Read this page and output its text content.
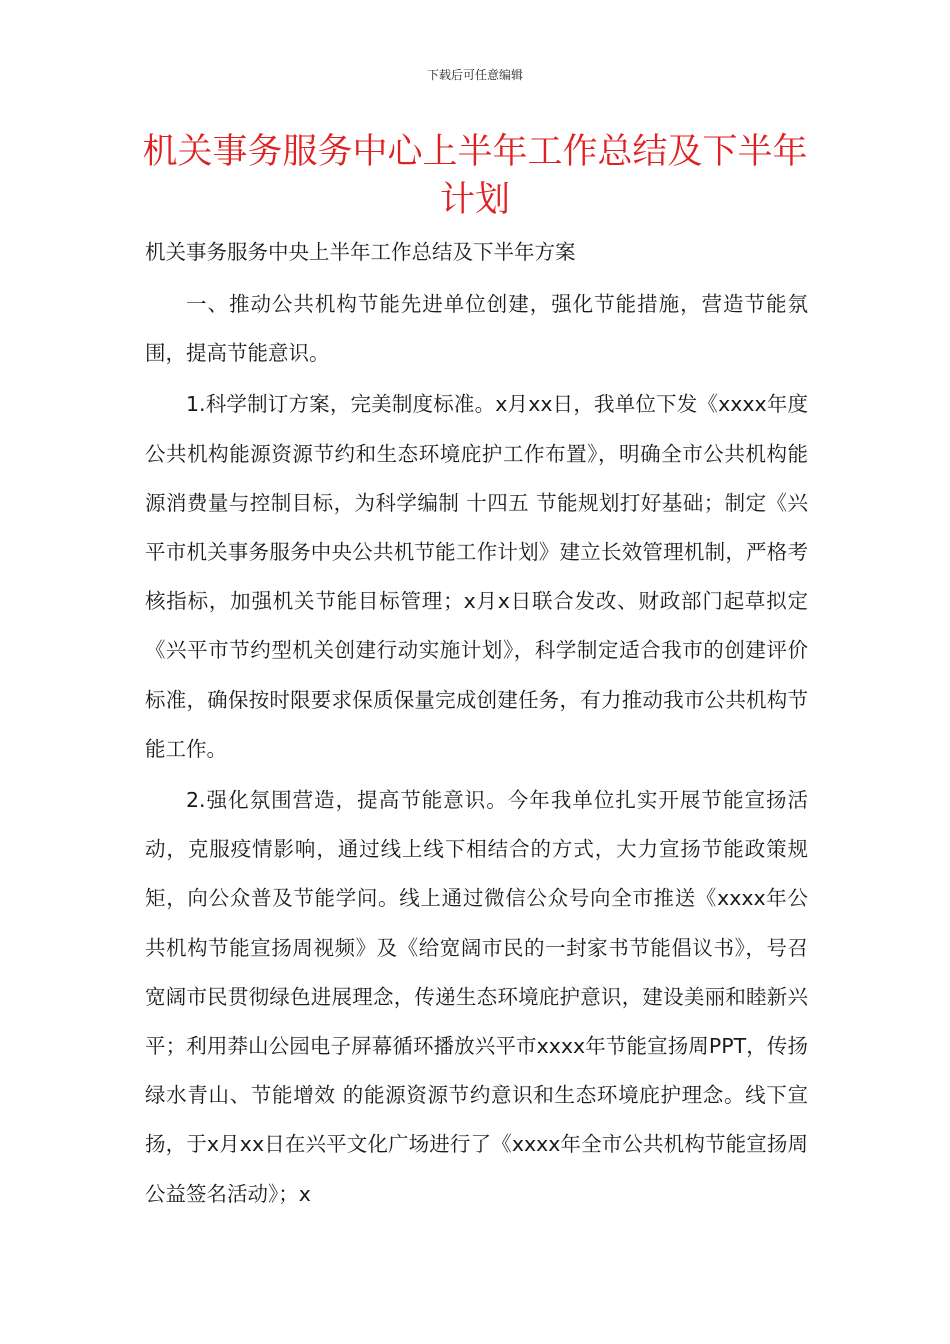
下载后可任意编辑
机关事务服务中心上半年工作总结及下半年计划

机关事务服务中央上半年工作总结及下半年方案

一、推动公共机构节能先进单位创建，强化节能措施，营造节能氛围，提高节能意识。

1.科学制订方案，完美制度标准。x月xx日，我单位下发《xxxx年度公共机构能源资源节约和生态环境庇护工作布置》，明确全市公共机构能源消费量与控制目标，为科学编制 十四五 节能规划打好基础；制定《兴平市机关事务服务中央公共机节能工作计划》建立长效管理机制，严格考核指标，加强机关节能目标管理；x月x日联合发改、财政部门起草拟定《兴平市节约型机关创建行动实施计划》，科学制定适合我市的创建评价标准，确保按时限要求保质保量完成创建任务，有力推动我市公共机构节能工作。

2.强化氛围营造，提高节能意识。今年我单位扎实开展节能宣扬活动，克服疫情影响，通过线上线下相结合的方式，大力宣扬节能政策规矩，向公众普及节能学问。线上通过微信公众号向全市推送《xxxx年公共机构节能宣扬周视频》及《给宽阔市民的一封家书节能倡议书》，号召宽阔市民贯彻绿色进展理念，传递生态环境庇护意识，建设美丽和睦新兴平；利用莽山公园电子屏幕循环播放兴平市xxxx年节能宣扬周PPT，传扬 绿水青山、节能增效 的能源资源节约意识和生态环境庇护理念。线下宣扬，于x月xx日在兴平文化广场进行了《xxxx年全市公共机构节能宣扬周公益签名活动》；x
